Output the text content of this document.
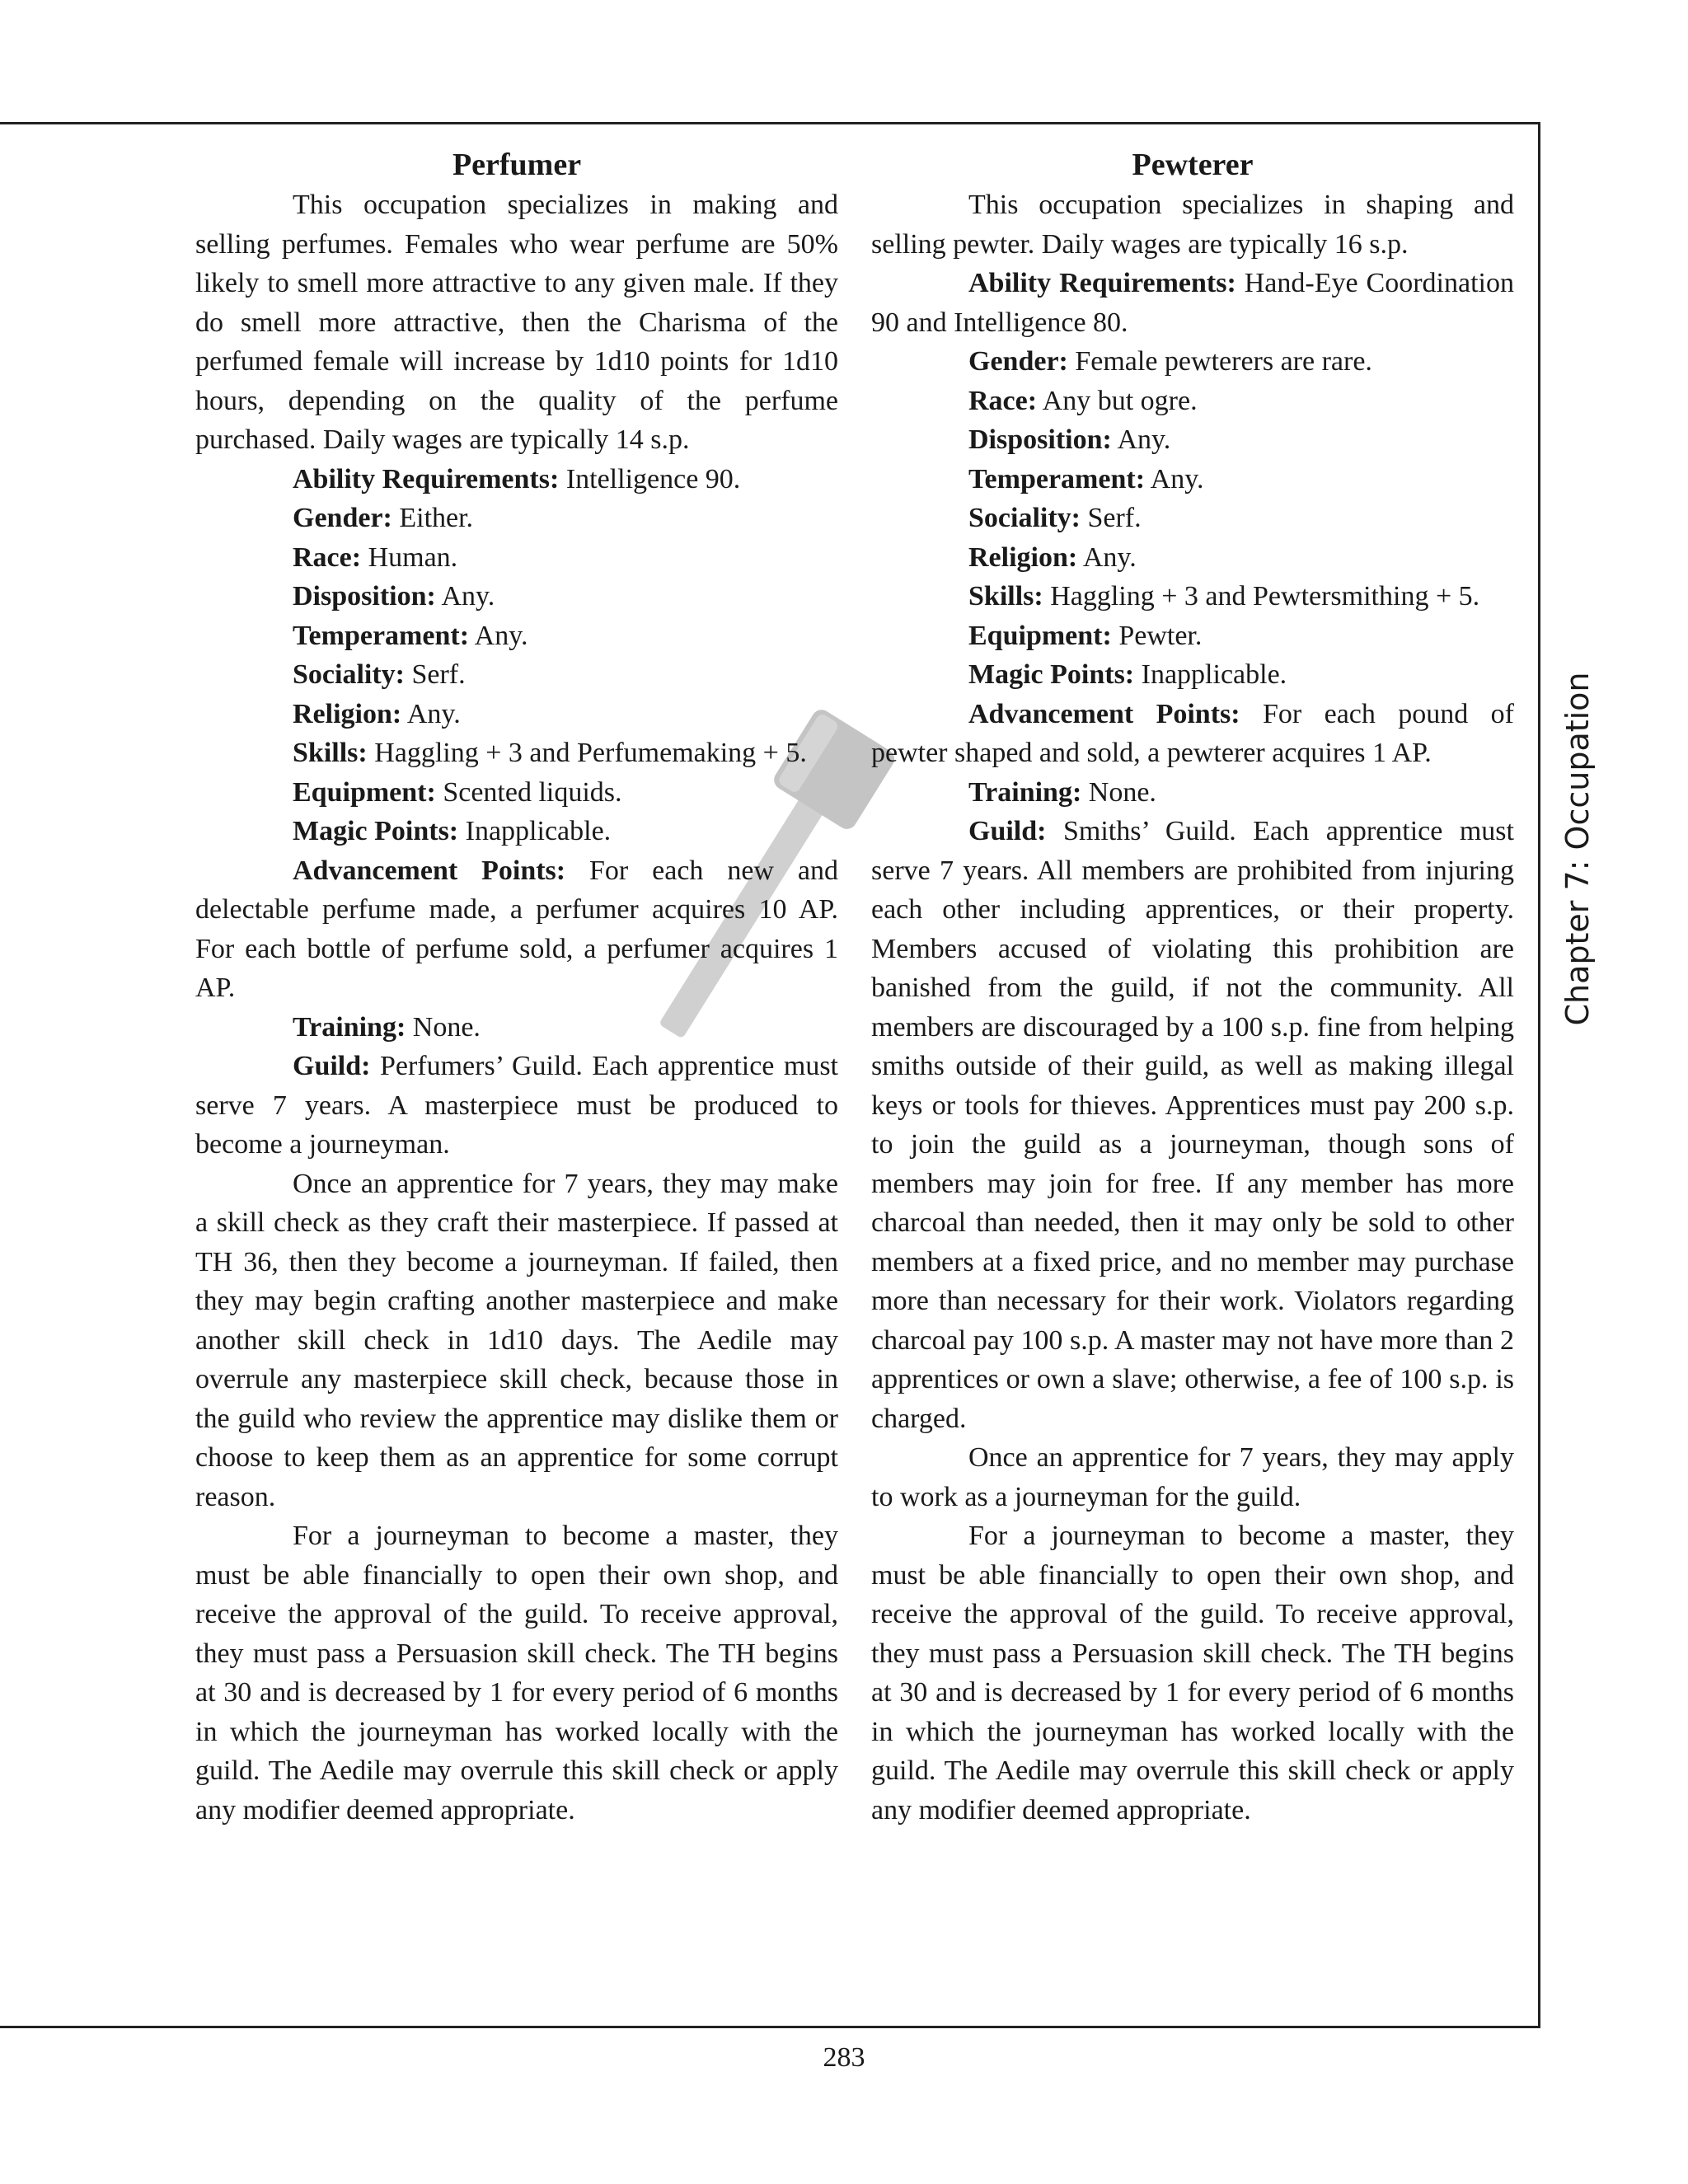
Perfumer

This occupation specializes in making and selling perfumes. Females who wear perfume are 50% likely to smell more attractive to any given male. If they do smell more attractive, then the Charisma of the perfumed female will increase by 1d10 points for 1d10 hours, depending on the quality of the perfume purchased. Daily wages are typically 14 s.p.

Ability Requirements: Intelligence 90.

Gender: Either.

Race: Human.

Disposition: Any.

Temperament: Any.

Sociality: Serf.

Religion: Any.

Skills: Haggling + 3 and Perfumemaking + 5.

Equipment: Scented liquids.

Magic Points: Inapplicable.

Advancement Points: For each new and delectable perfume made, a perfumer acquires 10 AP. For each bottle of perfume sold, a perfumer acquires 1 AP.

Training: None.

Guild: Perfumers’ Guild. Each apprentice must serve 7 years. A masterpiece must be produced to become a journeyman.

Once an apprentice for 7 years, they may make a skill check as they craft their masterpiece. If passed at TH 36, then they become a journeyman. If failed, then they may begin crafting another masterpiece and make another skill check in 1d10 days. The Aedile may overrule any masterpiece skill check, because those in the guild who review the apprentice may dislike them or choose to keep them as an apprentice for some corrupt reason.

For a journeyman to become a master, they must be able financially to open their own shop, and receive the approval of the guild. To receive approval, they must pass a Persuasion skill check. The TH begins at 30 and is decreased by 1 for every period of 6 months in which the journeyman has worked locally with the guild. The Aedile may overrule this skill check or apply any modifier deemed appropriate.

Pewterer

This occupation specializes in shaping and selling pewter. Daily wages are typically 16 s.p.

Ability Requirements: Hand-Eye Coordination 90 and Intelligence 80.

Gender: Female pewterers are rare.

Race: Any but ogre.

Disposition: Any.

Temperament: Any.

Sociality: Serf.

Religion: Any.

Skills: Haggling + 3 and Pewtersmithing + 5.

Equipment: Pewter.

Magic Points: Inapplicable.

Advancement Points: For each pound of pewter shaped and sold, a pewterer acquires 1 AP.

Training: None.

Guild: Smiths’ Guild. Each apprentice must serve 7 years. All members are prohibited from injuring each other including apprentices, or their property. Members accused of violating this prohibition are banished from the guild, if not the community. All members are discouraged by a 100 s.p. fine from helping smiths outside of their guild, as well as making illegal keys or tools for thieves. Apprentices must pay 200 s.p. to join the guild as a journeyman, though sons of members may join for free. If any member has more charcoal than needed, then it may only be sold to other members at a fixed price, and no member may purchase more than necessary for their work. Violators regarding charcoal pay 100 s.p. A master may not have more than 2 apprentices or own a slave; otherwise, a fee of 100 s.p. is charged.

Once an apprentice for 7 years, they may apply to work as a journeyman for the guild.

For a journeyman to become a master, they must be able financially to open their own shop, and receive the approval of the guild. To receive approval, they must pass a Persuasion skill check. The TH begins at 30 and is decreased by 1 for every period of 6 months in which the journeyman has worked locally with the guild. The Aedile may overrule this skill check or apply any modifier deemed appropriate.

Chapter 7: Occupation
283
